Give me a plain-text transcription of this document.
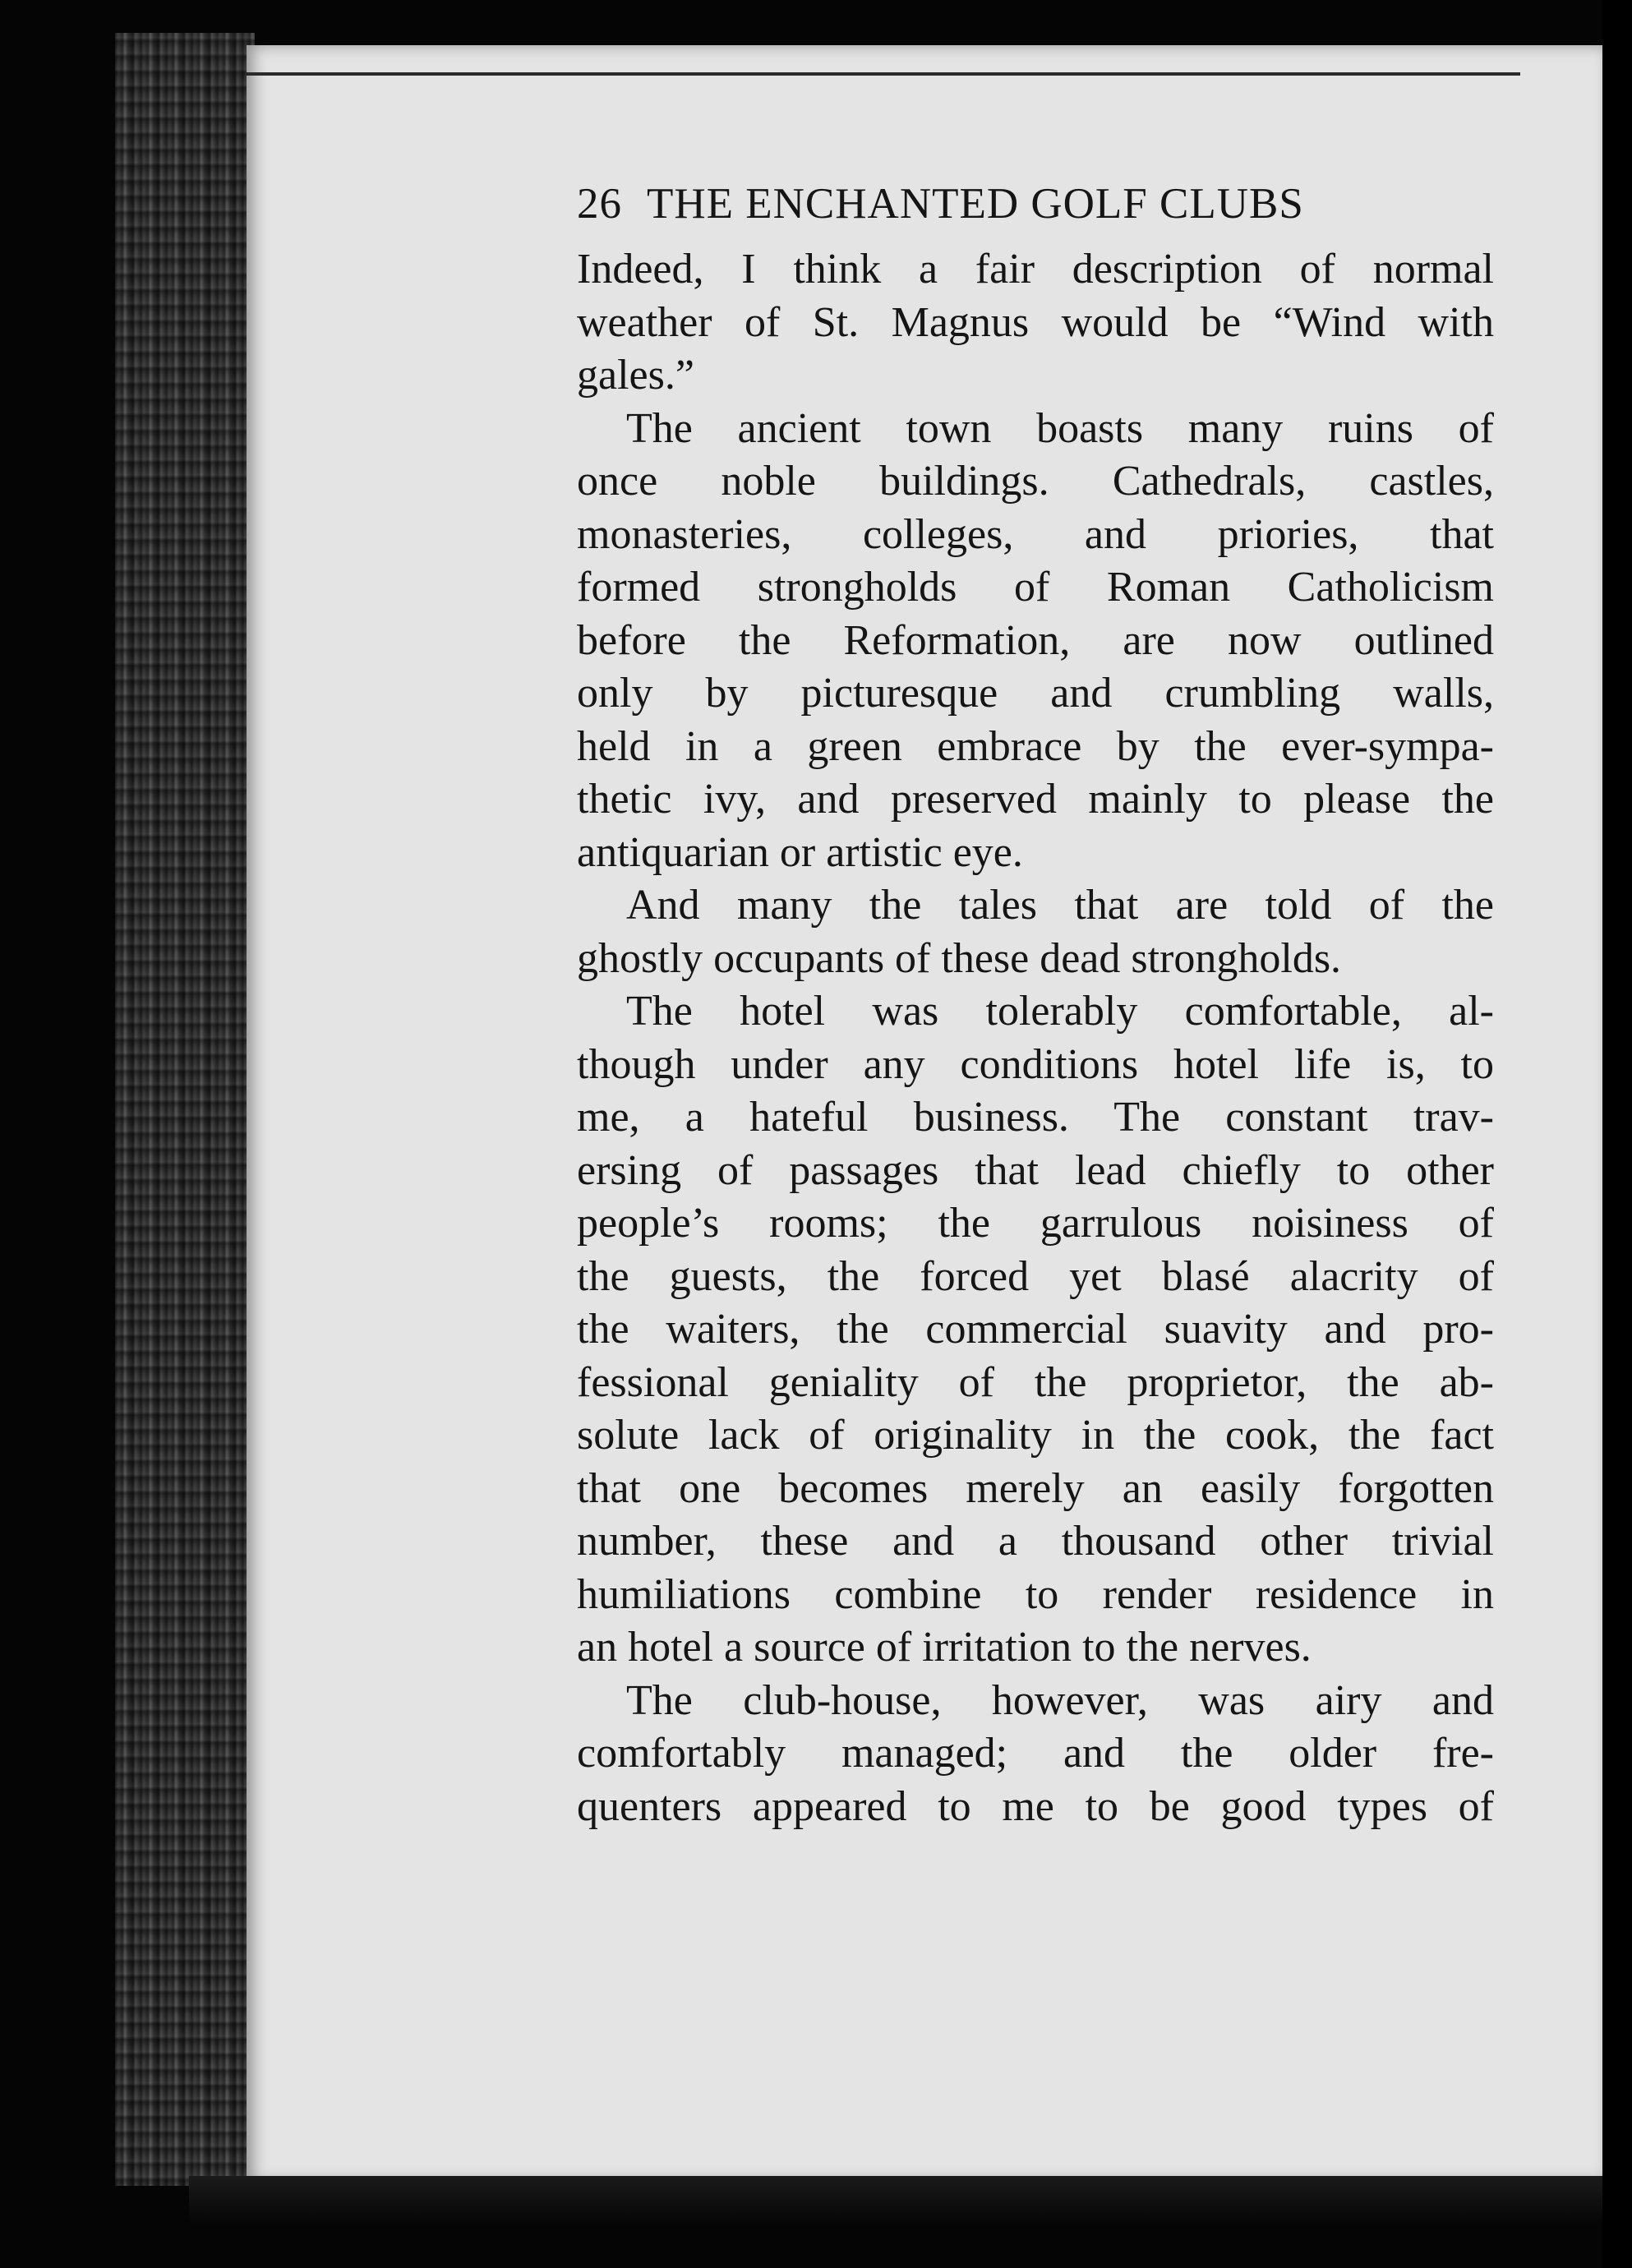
26 THE ENCHANTED GOLF CLUBS

Indeed, I think a fair description of normal
weather of St. Magnus would be “Wind with
gales.”

The ancient town boasts many ruins of
once noble buildings. Cathedrals, castles,
monasteries, colleges, and priories, that
formed strongholds of Roman Catholicism
before the Reformation, are now outlined
only by picturesque and crumbling walls,
held in a green embrace by the ever-sympa-
thetic ivy, and preserved mainly to please the
antiquarian or artistic eye.

And many the tales that are told of the
ghostly occupants of these dead strongholds.

The hotel was tolerably comfortable, al-
though under any conditions hotel life is, to
me, a hateful business. The constant trav-
ersing of passages that lead chiefly to other
people’s rooms; the garrulous noisiness of
the guests, the forced yet blasé alacrity of
the waiters, the commercial suavity and pro-
fessional geniality of the proprietor, the ab-
solute lack of originality in the cook, the fact
that one becomes merely an easily forgotten
number, these and a thousand other trivial
humiliations combine to render residence in
an hotel a source of irritation to the nerves.

The club-house, however, was airy and
comfortably managed; and the older fre-
quenters appeared to me to be good types of
